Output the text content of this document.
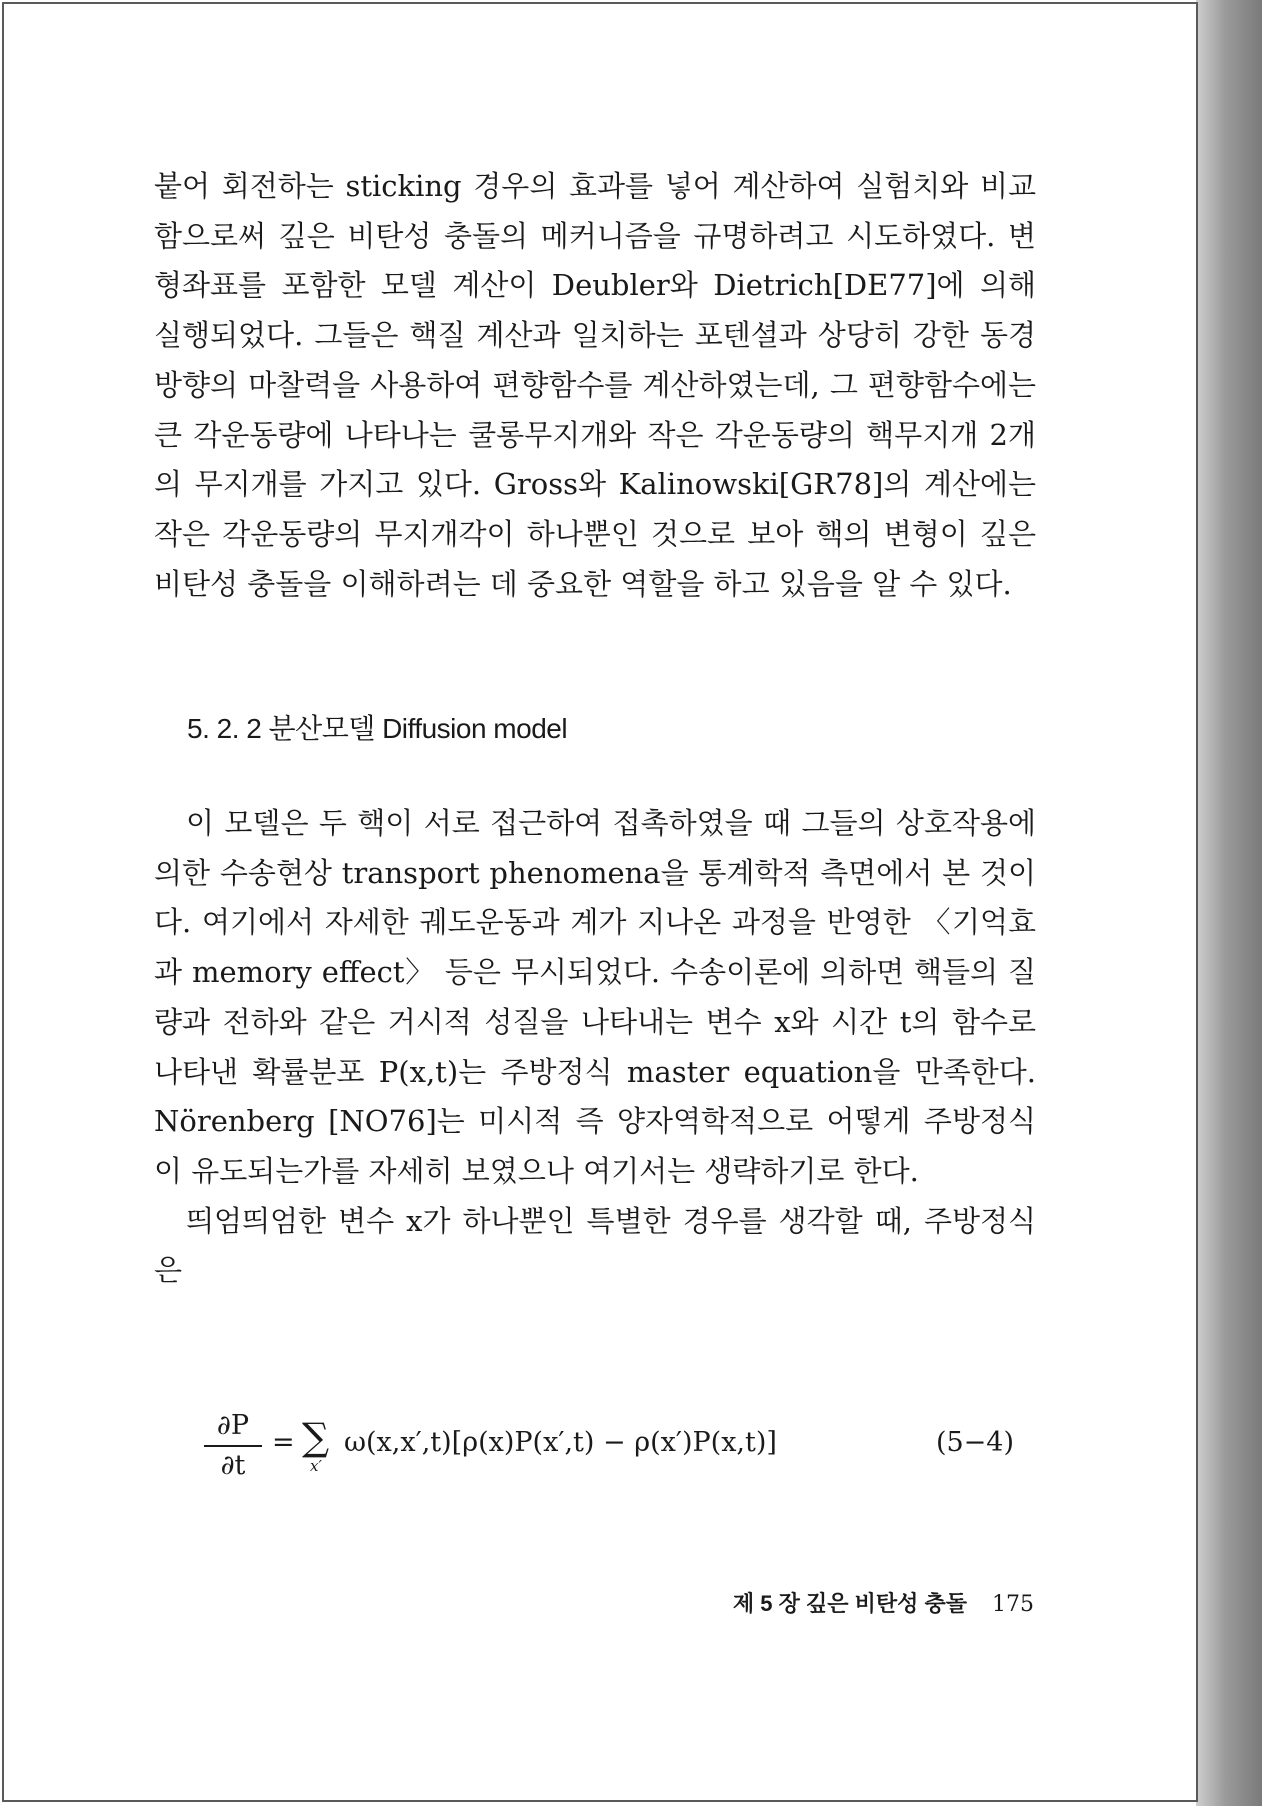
붙어 회전하는 sticking 경우의 효과를 넣어 계산하여 실험치와 비교함으로써 깊은 비탄성 충돌의 메커니즘을 규명하려고 시도하였다. 변형좌표를 포함한 모델 계산이 Deubler와 Dietrich[DE77]에 의해 실행되었다. 그들은 핵질 계산과 일치하는 포텐셜과 상당히 강한 동경방향의 마찰력을 사용하여 편향함수를 계산하였는데, 그 편향함수에는 큰 각운동량에 나타나는 쿨롱무지개와 작은 각운동량의 핵무지개 2개의 무지개를 가지고 있다. Gross와 Kalinowski[GR78]의 계산에는 작은 각운동량의 무지개각이 하나뿐인 것으로 보아 핵의 변형이 깊은 비탄성 충돌을 이해하려는 데 중요한 역할을 하고 있음을 알 수 있다.

5. 2. 2 분산모델 Diffusion model

이 모델은 두 핵이 서로 접근하여 접촉하였을 때 그들의 상호작용에 의한 수송현상 transport phenomena을 통계학적 측면에서 본 것이다. 여기에서 자세한 궤도운동과 계가 지나온 과정을 반영한 〈기억효과 memory effect〉 등은 무시되었다. 수송이론에 의하면 핵들의 질량과 전하와 같은 거시적 성질을 나타내는 변수 x와 시간 t의 함수로 나타낸 확률분포 P(x,t)는 주방정식 master equation을 만족한다. Nörenberg [NO76]는 미시적 즉 양자역학적으로 어떻게 주방정식이 유도되는가를 자세히 보였으나 여기서는 생략하기로 한다.

띄엄띄엄한 변수 x가 하나뿐인 특별한 경우를 생각할 때, 주방정식은

∂P
∂t
= ∑
x′
ω(x,x′,t)[ρ(x)P(x′,t) − ρ(x′)P(x,t)]	(5−4)
제 5 장 깊은 비탄성 충돌 175
